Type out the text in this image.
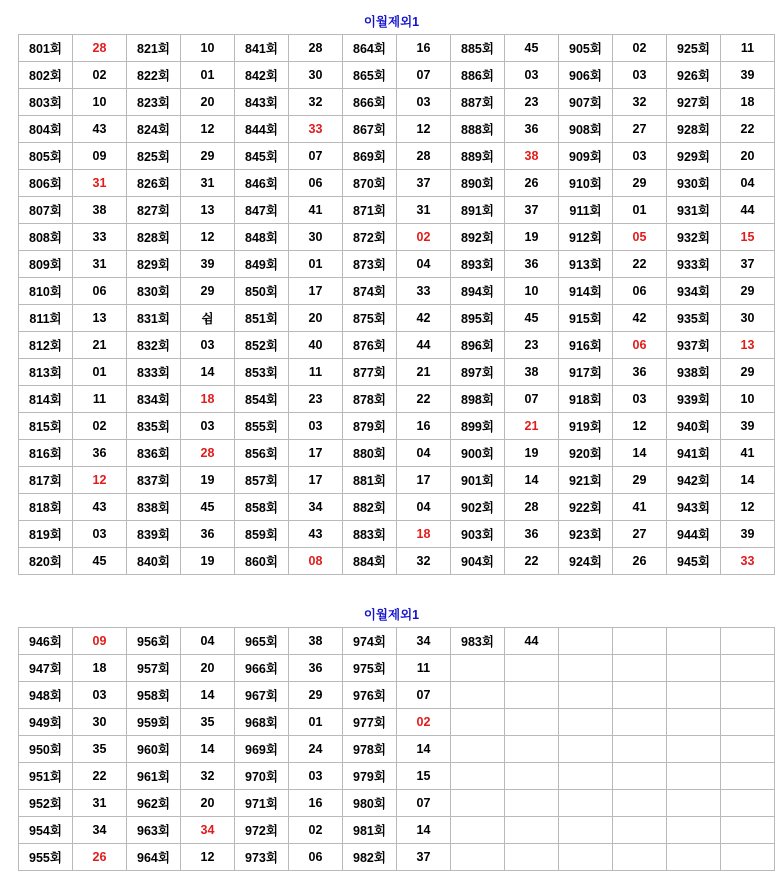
이월제외1
801회	28	821회	10	841회	28	864회	16	885회	45	905회	02	925회	11
802회	02	822회	01	842회	30	865회	07	886회	03	906회	03	926회	39
803회	10	823회	20	843회	32	866회	03	887회	23	907회	32	927회	18
804회	43	824회	12	844회	33	867회	12	888회	36	908회	27	928회	22
805회	09	825회	29	845회	07	869회	28	889회	38	909회	03	929회	20
806회	31	826회	31	846회	06	870회	37	890회	26	910회	29	930회	04
807회	38	827회	13	847회	41	871회	31	891회	37	911회	01	931회	44
808회	33	828회	12	848회	30	872회	02	892회	19	912회	05	932회	15
809회	31	829회	39	849회	01	873회	04	893회	36	913회	22	933회	37
810회	06	830회	29	850회	17	874회	33	894회	10	914회	06	934회	29
811회	13	831회	쉼	851회	20	875회	42	895회	45	915회	42	935회	30
812회	21	832회	03	852회	40	876회	44	896회	23	916회	06	937회	13
813회	01	833회	14	853회	11	877회	21	897회	38	917회	36	938회	29
814회	11	834회	18	854회	23	878회	22	898회	07	918회	03	939회	10
815회	02	835회	03	855회	03	879회	16	899회	21	919회	12	940회	39
816회	36	836회	28	856회	17	880회	04	900회	19	920회	14	941회	41
817회	12	837회	19	857회	17	881회	17	901회	14	921회	29	942회	14
818회	43	838회	45	858회	34	882회	04	902회	28	922회	41	943회	12
819회	03	839회	36	859회	43	883회	18	903회	36	923회	27	944회	39
820회	45	840회	19	860회	08	884회	32	904회	22	924회	26	945회	33
이월제외1
946회	09	956회	04	965회	38	974회	34	983회	44				
947회	18	957회	20	966회	36	975회	11						
948회	03	958회	14	967회	29	976회	07						
949회	30	959회	35	968회	01	977회	02						
950회	35	960회	14	969회	24	978회	14						
951회	22	961회	32	970회	03	979회	15						
952회	31	962회	20	971회	16	980회	07						
954회	34	963회	34	972회	02	981회	14						
955회	26	964회	12	973회	06	982회	37						
